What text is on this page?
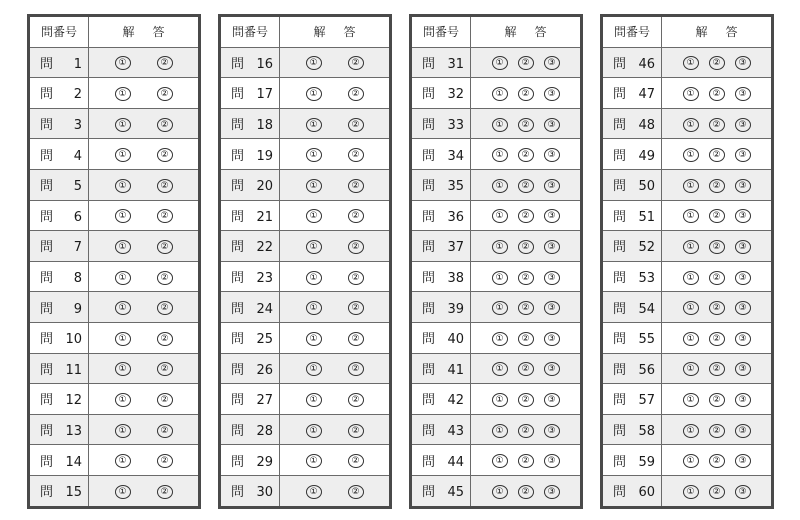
問番号	解 答
問 1	① ②
問 2	① ②
問 3	① ②
問 4	① ②
問 5	① ②
問 6	① ②
問 7	① ②
問 8	① ②
問 9	① ②
問 10	① ②
問 11	① ②
問 12	① ②
問 13	① ②
問 14	① ②
問 15	① ②
問番号	解 答
問 16	① ②
問 17	① ②
問 18	① ②
問 19	① ②
問 20	① ②
問 21	① ②
問 22	① ②
問 23	① ②
問 24	① ②
問 25	① ②
問 26	① ②
問 27	① ②
問 28	① ②
問 29	① ②
問 30	① ②
問番号	解 答
問 31	① ② ③
問 32	① ② ③
問 33	① ② ③
問 34	① ② ③
問 35	① ② ③
問 36	① ② ③
問 37	① ② ③
問 38	① ② ③
問 39	① ② ③
問 40	① ② ③
問 41	① ② ③
問 42	① ② ③
問 43	① ② ③
問 44	① ② ③
問 45	① ② ③
問番号	解 答
問 46	① ② ③
問 47	① ② ③
問 48	① ② ③
問 49	① ② ③
問 50	① ② ③
問 51	① ② ③
問 52	① ② ③
問 53	① ② ③
問 54	① ② ③
問 55	① ② ③
問 56	① ② ③
問 57	① ② ③
問 58	① ② ③
問 59	① ② ③
問 60	① ② ③
